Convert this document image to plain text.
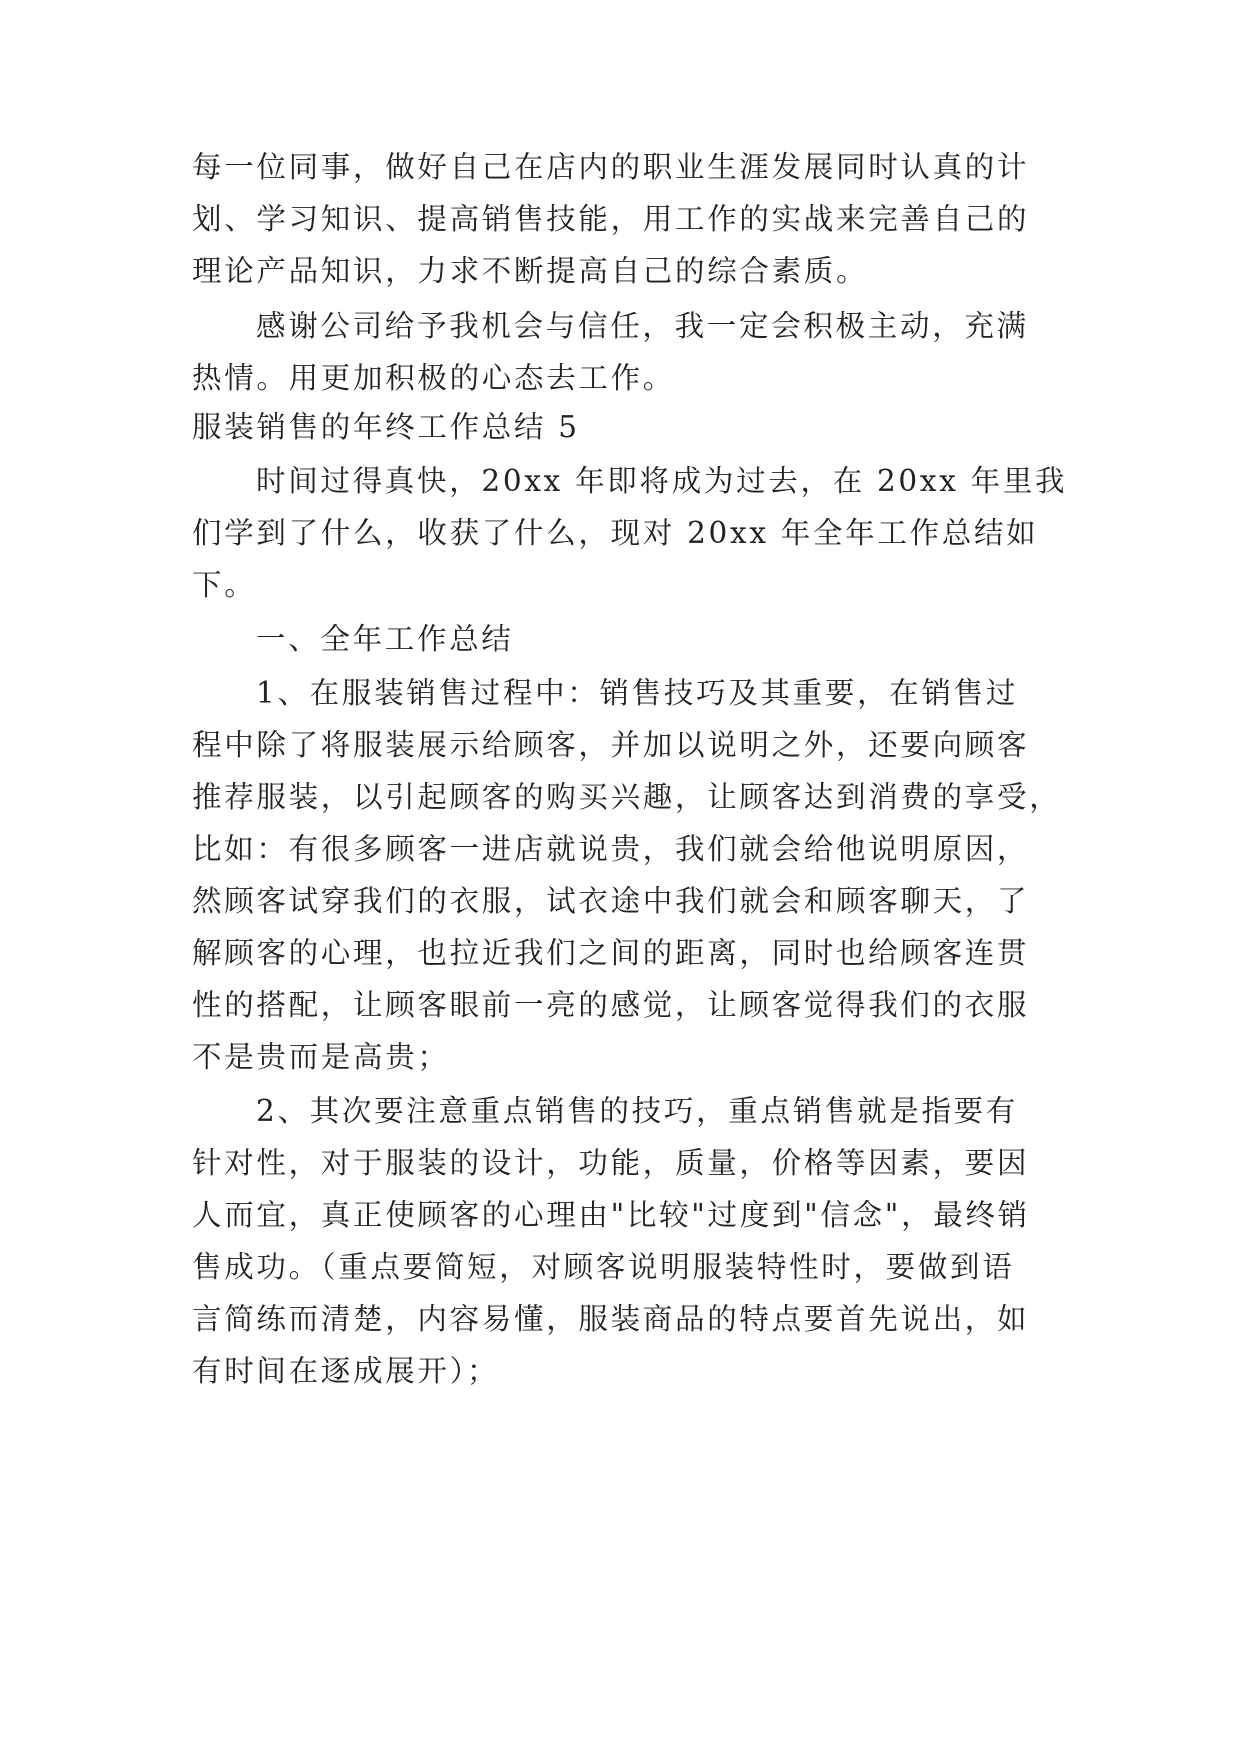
每一位同事，做好自己在店内的职业生涯发展同时认真的计
划、学习知识、提高销售技能，用工作的实战来完善自己的
理论产品知识，力求不断提高自己的综合素质。
感谢公司给予我机会与信任，我一定会积极主动，充满
热情。用更加积极的心态去工作。
服装销售的年终工作总结 5
时间过得真快，20xx 年即将成为过去，在 20xx 年里我
们学到了什么，收获了什么，现对 20xx 年全年工作总结如
下。
一、全年工作总结
1、在服装销售过程中：销售技巧及其重要，在销售过
程中除了将服装展示给顾客，并加以说明之外，还要向顾客
推荐服装，以引起顾客的购买兴趣，让顾客达到消费的享受，
比如：有很多顾客一进店就说贵，我们就会给他说明原因，
然顾客试穿我们的衣服，试衣途中我们就会和顾客聊天，了
解顾客的心理，也拉近我们之间的距离，同时也给顾客连贯
性的搭配，让顾客眼前一亮的感觉，让顾客觉得我们的衣服
不是贵而是高贵；
2、其次要注意重点销售的技巧，重点销售就是指要有
针对性，对于服装的设计，功能，质量，价格等因素，要因
人而宜，真正使顾客的心理由"比较"过度到"信念"，最终销
售成功。（重点要简短，对顾客说明服装特性时，要做到语
言简练而清楚，内容易懂，服装商品的特点要首先说出，如
有时间在逐成展开）；
